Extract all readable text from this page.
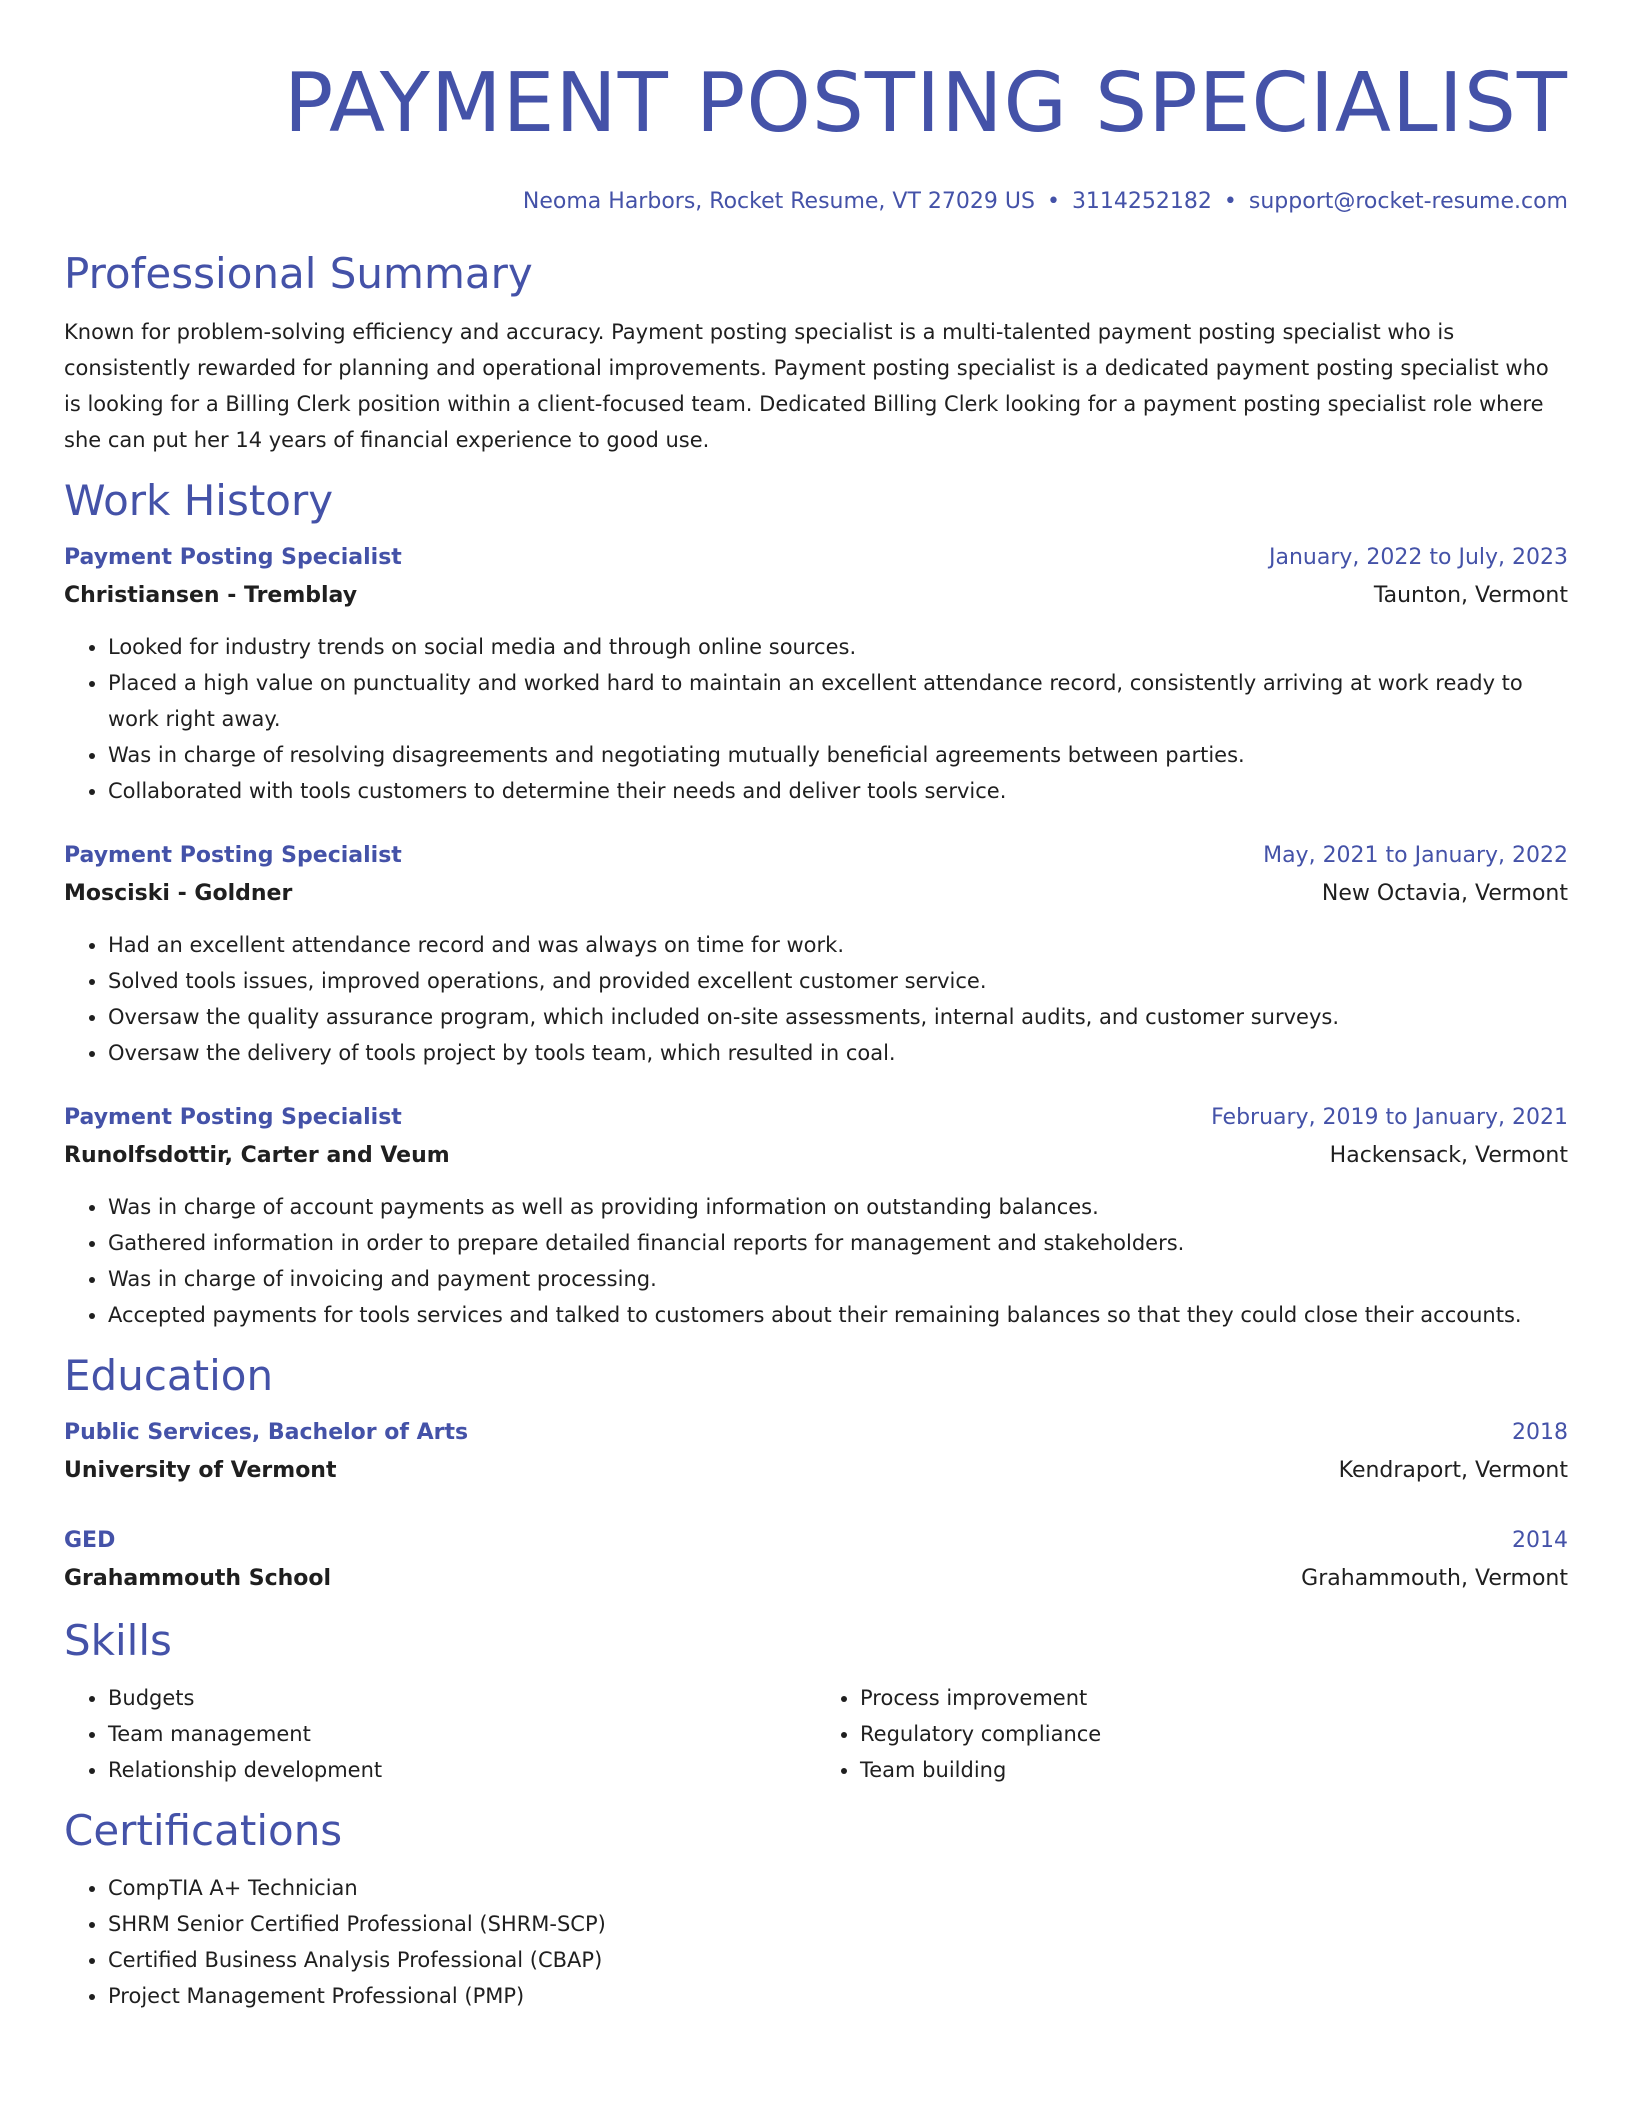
PAYMENT POSTING SPECIALIST
Neoma Harbors, Rocket Resume, VT 27029 US • 3114252182 • support@rocket-resume.com
Professional Summary

Known for problem-solving efficiency and accuracy. Payment posting specialist is a multi-talented payment posting specialist who is consistently rewarded for planning and operational improvements. Payment posting specialist is a dedicated payment posting specialist who is looking for a Billing Clerk position within a client-focused team. Dedicated Billing Clerk looking for a payment posting specialist role where she can put her 14 years of financial experience to good use.

Work History
Payment Posting Specialist	January, 2022 to July, 2023
Christiansen - Tremblay	Taunton, Vermont
• Looked for industry trends on social media and through online sources.
• Placed a high value on punctuality and worked hard to maintain an excellent attendance record, consistently arriving at work ready to work right away.
• Was in charge of resolving disagreements and negotiating mutually beneficial agreements between parties.
• Collaborated with tools customers to determine their needs and deliver tools service.
Payment Posting Specialist	May, 2021 to January, 2022
Mosciski - Goldner	New Octavia, Vermont
• Had an excellent attendance record and was always on time for work.
• Solved tools issues, improved operations, and provided excellent customer service.
• Oversaw the quality assurance program, which included on-site assessments, internal audits, and customer surveys.
• Oversaw the delivery of tools project by tools team, which resulted in coal.
Payment Posting Specialist	February, 2019 to January, 2021
Runolfsdottir, Carter and Veum	Hackensack, Vermont
• Was in charge of account payments as well as providing information on outstanding balances.
• Gathered information in order to prepare detailed financial reports for management and stakeholders.
• Was in charge of invoicing and payment processing.
• Accepted payments for tools services and talked to customers about their remaining balances so that they could close their accounts.
Education
Public Services, Bachelor of Arts	2018
University of Vermont	Kendraport, Vermont
GED	2014
Grahammouth School	Grahammouth, Vermont
Skills
• Budgets
• Team management
• Relationship development
• Process improvement
• Regulatory compliance
• Team building
Certifications
• CompTIA A+ Technician
• SHRM Senior Certified Professional (SHRM-SCP)
• Certified Business Analysis Professional (CBAP)
• Project Management Professional (PMP)
